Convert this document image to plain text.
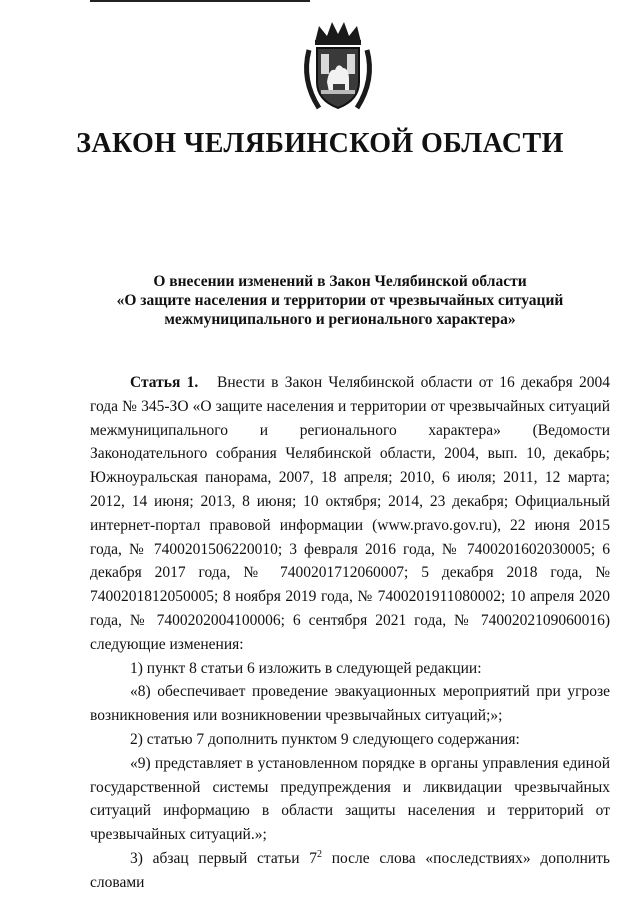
ЗАКОН ЧЕЛЯБИНСКОЙ ОБЛАСТИ
О внесении изменений в Закон Челябинской области
«О защите населения и территории от чрезвычайных ситуаций
межмуниципального и регионального характера»

Статья 1. Внести в Закон Челябинской области от 16 декабря 2004 года № 345-ЗО «О защите населения и территории от чрезвычайных ситуаций межмуниципального и регионального характера» (Ведомости Законодательного собрания Челябинской области, 2004, вып. 10, декабрь; Южноуральская панорама, 2007, 18 апреля; 2010, 6 июля; 2011, 12 марта; 2012, 14 июня; 2013, 8 июня; 10 октября; 2014, 23 декабря; Официальный интернет-портал правовой информации (www.pravo.gov.ru), 22 июня 2015 года, № 7400201506220010; 3 февраля 2016 года, № 7400201602030005; 6 декабря 2017 года, № 7400201712060007; 5 декабря 2018 года, № 7400201812050005; 8 ноября 2019 года, № 7400201911080002; 10 апреля 2020 года, № 7400202004100006; 6 сентября 2021 года, № 7400202109060016) следующие изменения:

1) пункт 8 статьи 6 изложить в следующей редакции:

«8) обеспечивает проведение эвакуационных мероприятий при угрозе возникновения или возникновении чрезвычайных ситуаций;»;

2) статью 7 дополнить пунктом 9 следующего содержания:

«9) представляет в установленном порядке в органы управления единой государственной системы предупреждения и ликвидации чрезвычайных ситуаций информацию в области защиты населения и территорий от чрезвычайных ситуаций.»;

3) абзац первый статьи $7^2$ после слова «последствиях» дополнить словами
